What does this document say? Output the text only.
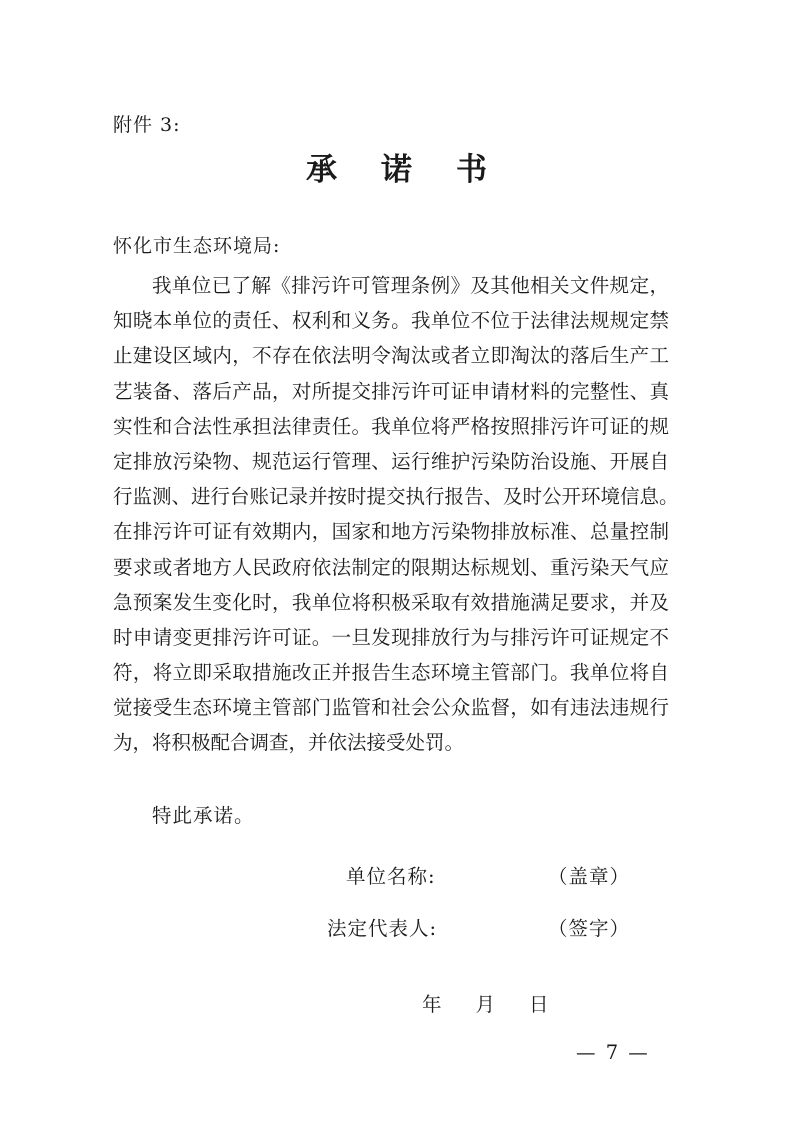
附件 3:
承 诺 书
怀化市生态环境局:
我单位已了解《排污许可管理条例》及其他相关文件规定，
知晓本单位的责任、权利和义务。我单位不位于法律法规规定禁
止建设区域内，不存在依法明令淘汰或者立即淘汰的落后生产工
艺装备、落后产品，对所提交排污许可证申请材料的完整性、真
实性和合法性承担法律责任。我单位将严格按照排污许可证的规
定排放污染物、规范运行管理、运行维护污染防治设施、开展自
行监测、进行台账记录并按时提交执行报告、及时公开环境信息。
在排污许可证有效期内，国家和地方污染物排放标准、总量控制
要求或者地方人民政府依法制定的限期达标规划、重污染天气应
急预案发生变化时，我单位将积极采取有效措施满足要求，并及
时申请变更排污许可证。一旦发现排放行为与排污许可证规定不
符，将立即采取措施改正并报告生态环境主管部门。我单位将自
觉接受生态环境主管部门监管和社会公众监督，如有违法违规行
为，将积极配合调查，并依法接受处罚。
特此承诺。
单位名称:	（盖章）
法定代表人:	（签字）
年 月 日
— 7 —
